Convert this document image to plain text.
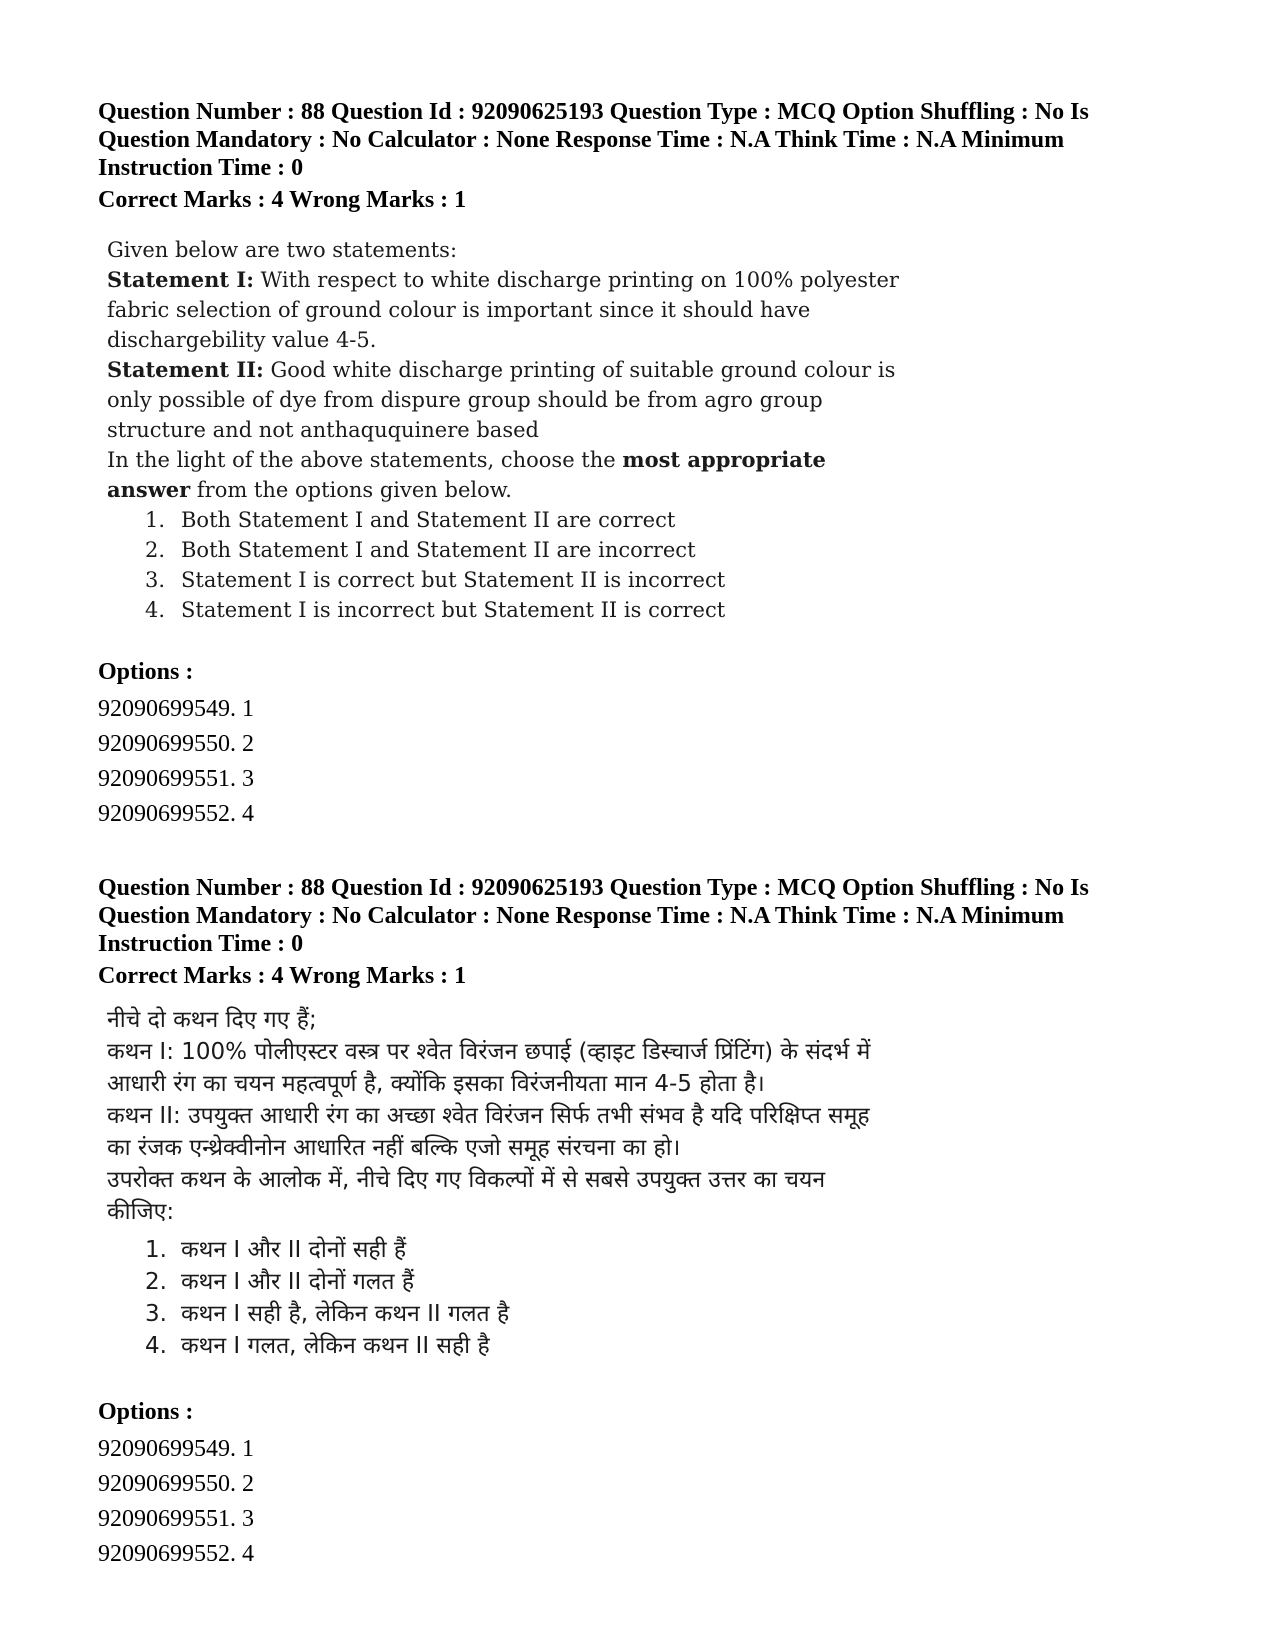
Question Number : 88 Question Id : 92090625193 Question Type : MCQ Option Shuffling : No Is

Question Mandatory : No Calculator : None Response Time : N.A Think Time : N.A Minimum

Instruction Time : 0

Correct Marks : 4 Wrong Marks : 1

Given below are two statements:

Statement I: With respect to white discharge printing on 100% polyester

fabric selection of ground colour is important since it should have

dischargebility value 4-5.

Statement II: Good white discharge printing of suitable ground colour is

only possible of dye from dispure group should be from agro group

structure and not anthaququinere based

In the light of the above statements, choose the most appropriate

answer from the options given below.

1. Both Statement I and Statement II are correct
2. Both Statement I and Statement II are incorrect
3. Statement I is correct but Statement II is incorrect
4. Statement I is incorrect but Statement II is correct

Options :

92090699549. 1

92090699550. 2

92090699551. 3

92090699552. 4

Question Number : 88 Question Id : 92090625193 Question Type : MCQ Option Shuffling : No Is

Question Mandatory : No Calculator : None Response Time : N.A Think Time : N.A Minimum

Instruction Time : 0

Correct Marks : 4 Wrong Marks : 1

नीचे दो कथन दिए गए हैं;

कथन I: 100% पोलीएस्टर वस्त्र पर श्वेत विरंजन छपाई (व्हाइट डिस्चार्ज प्रिंटिंग) के संदर्भ में

आधारी रंग का चयन महत्वपूर्ण है, क्योंकि इसका विरंजनीयता मान 4-5 होता है।

कथन II: उपयुक्त आधारी रंग का अच्छा श्वेत विरंजन सिर्फ तभी संभव है यदि परिक्षिप्त समूह

का रंजक एन्थ्रेक्वीनोन आधारित नहीं बल्कि एजो समूह संरचना का हो।

उपरोक्त कथन के आलोक में, नीचे दिए गए विकल्पों में से सबसे उपयुक्त उत्तर का चयन

कीजिए:

1. कथन I और II दोनों सही हैं
2. कथन I और II दोनों गलत हैं
3. कथन I सही है, लेकिन कथन II गलत है
4. कथन I गलत, लेकिन कथन II सही है

Options :

92090699549. 1

92090699550. 2

92090699551. 3

92090699552. 4
